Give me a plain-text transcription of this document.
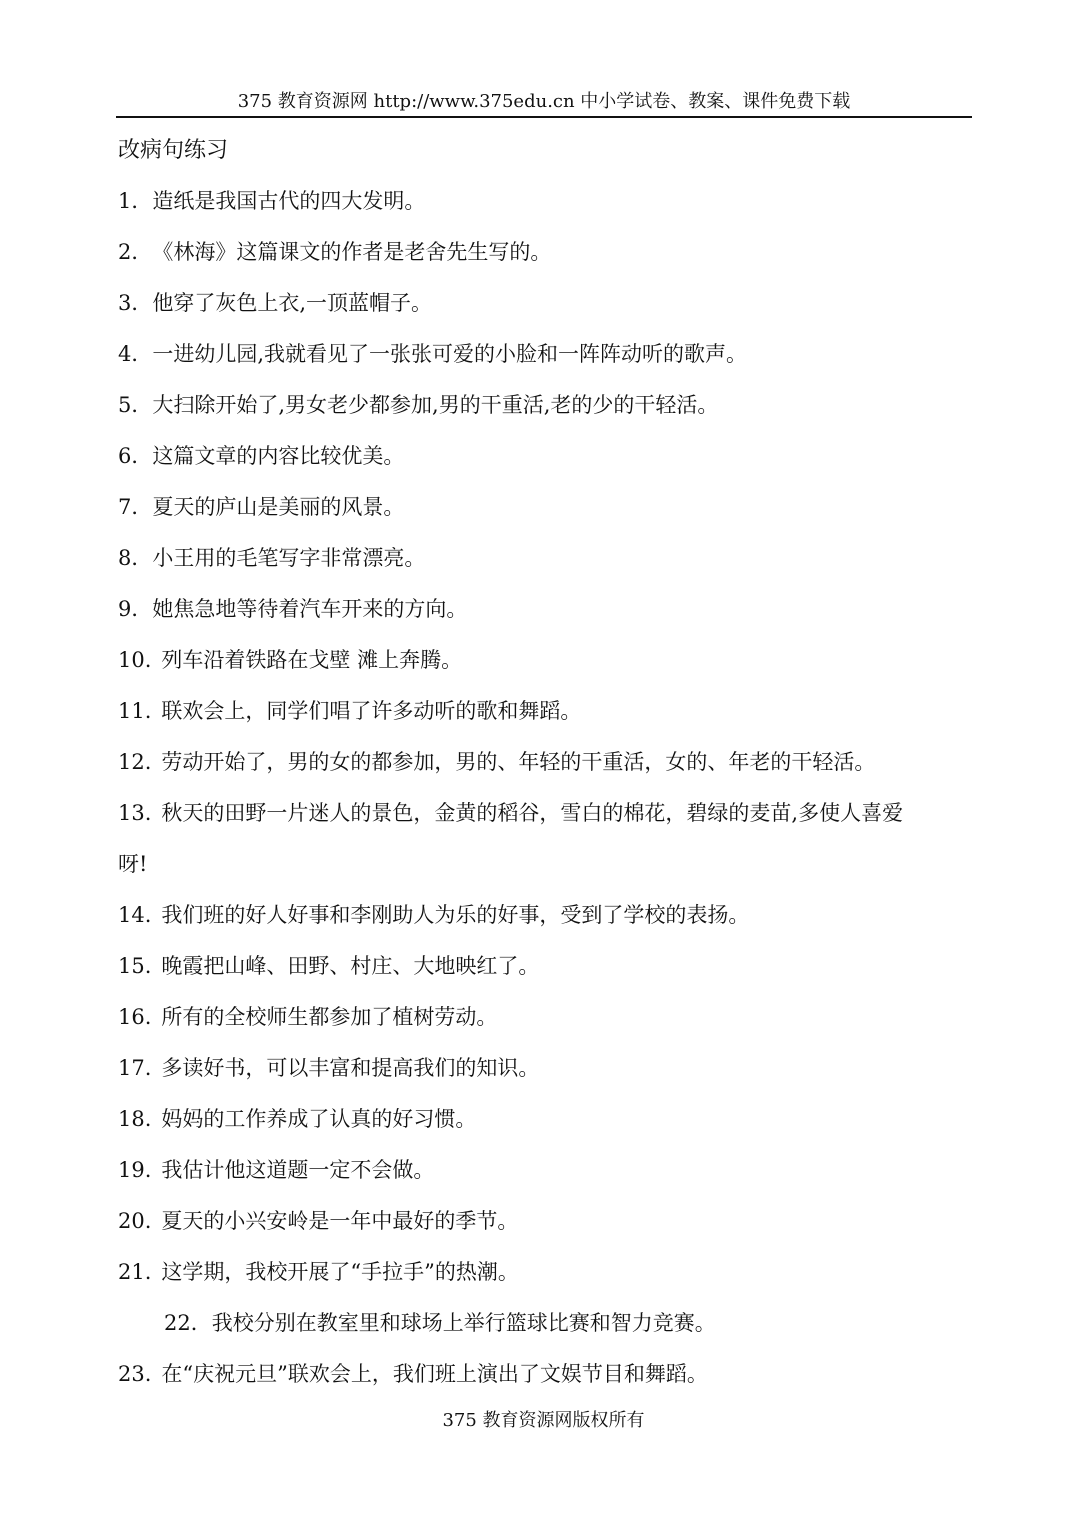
375 教育资源网 http://www.375edu.cn 中小学试卷、教案、课件免费下载
改病句练习
1．造纸是我国古代的四大发明。
2．《林海》这篇课文的作者是老舍先生写的。
3．他穿了灰色上衣,一顶蓝帽子。
4．一进幼儿园,我就看见了一张张可爱的小脸和一阵阵动听的歌声。
5．大扫除开始了,男女老少都参加,男的干重活,老的少的干轻活。
6．这篇文章的内容比较优美。
7．夏天的庐山是美丽的风景。
8．小王用的毛笔写字非常漂亮。
9．她焦急地等待着汽车开来的方向。
10. 列车沿着铁路在戈壁 滩上奔腾。
11. 联欢会上，同学们唱了许多动听的歌和舞蹈。
12. 劳动开始了，男的女的都参加，男的、年轻的干重活，女的、年老的干轻活。
13. 秋天的田野一片迷人的景色，金黄的稻谷，雪白的棉花，碧绿的麦苗,多使人喜爱
呀!
14. 我们班的好人好事和李刚助人为乐的好事，受到了学校的表扬。
15. 晚霞把山峰、田野、村庄、大地映红了。
16. 所有的全校师生都参加了植树劳动。
17. 多读好书，可以丰富和提高我们的知识。
18. 妈妈的工作养成了认真的好习惯。
19. 我估计他这道题一定不会做。
20. 夏天的小兴安岭是一年中最好的季节。
21. 这学期，我校开展了“手拉手”的热潮。
22．我校分别在教室里和球场上举行篮球比赛和智力竞赛。
23. 在“庆祝元旦”联欢会上，我们班上演出了文娱节目和舞蹈。
375 教育资源网版权所有
